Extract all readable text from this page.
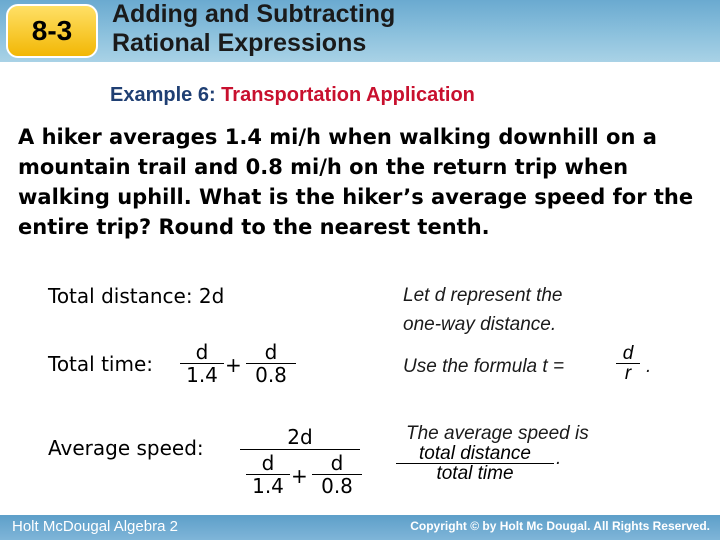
8-3
Adding and Subtracting
Rational Expressions
Example 6: Transportation Application
A hiker averages 1.4 mi/h when walking downhill on a mountain trail and 0.8 mi/h on the return trip when walking uphill. What is the hiker’s average speed for the entire trip? Round to the nearest tenth.
Total distance: 2d
Total time:	d
1.4 +
d
0.8
Average speed:	2d
d
1.4 +
d
0.8
Let d represent the
one-way distance.
Use the formula t =
d
r .
The average speed is
total distance
total time
.
Holt McDougal Algebra 2	Copyright © by Holt Mc Dougal. All Rights Reserved.
